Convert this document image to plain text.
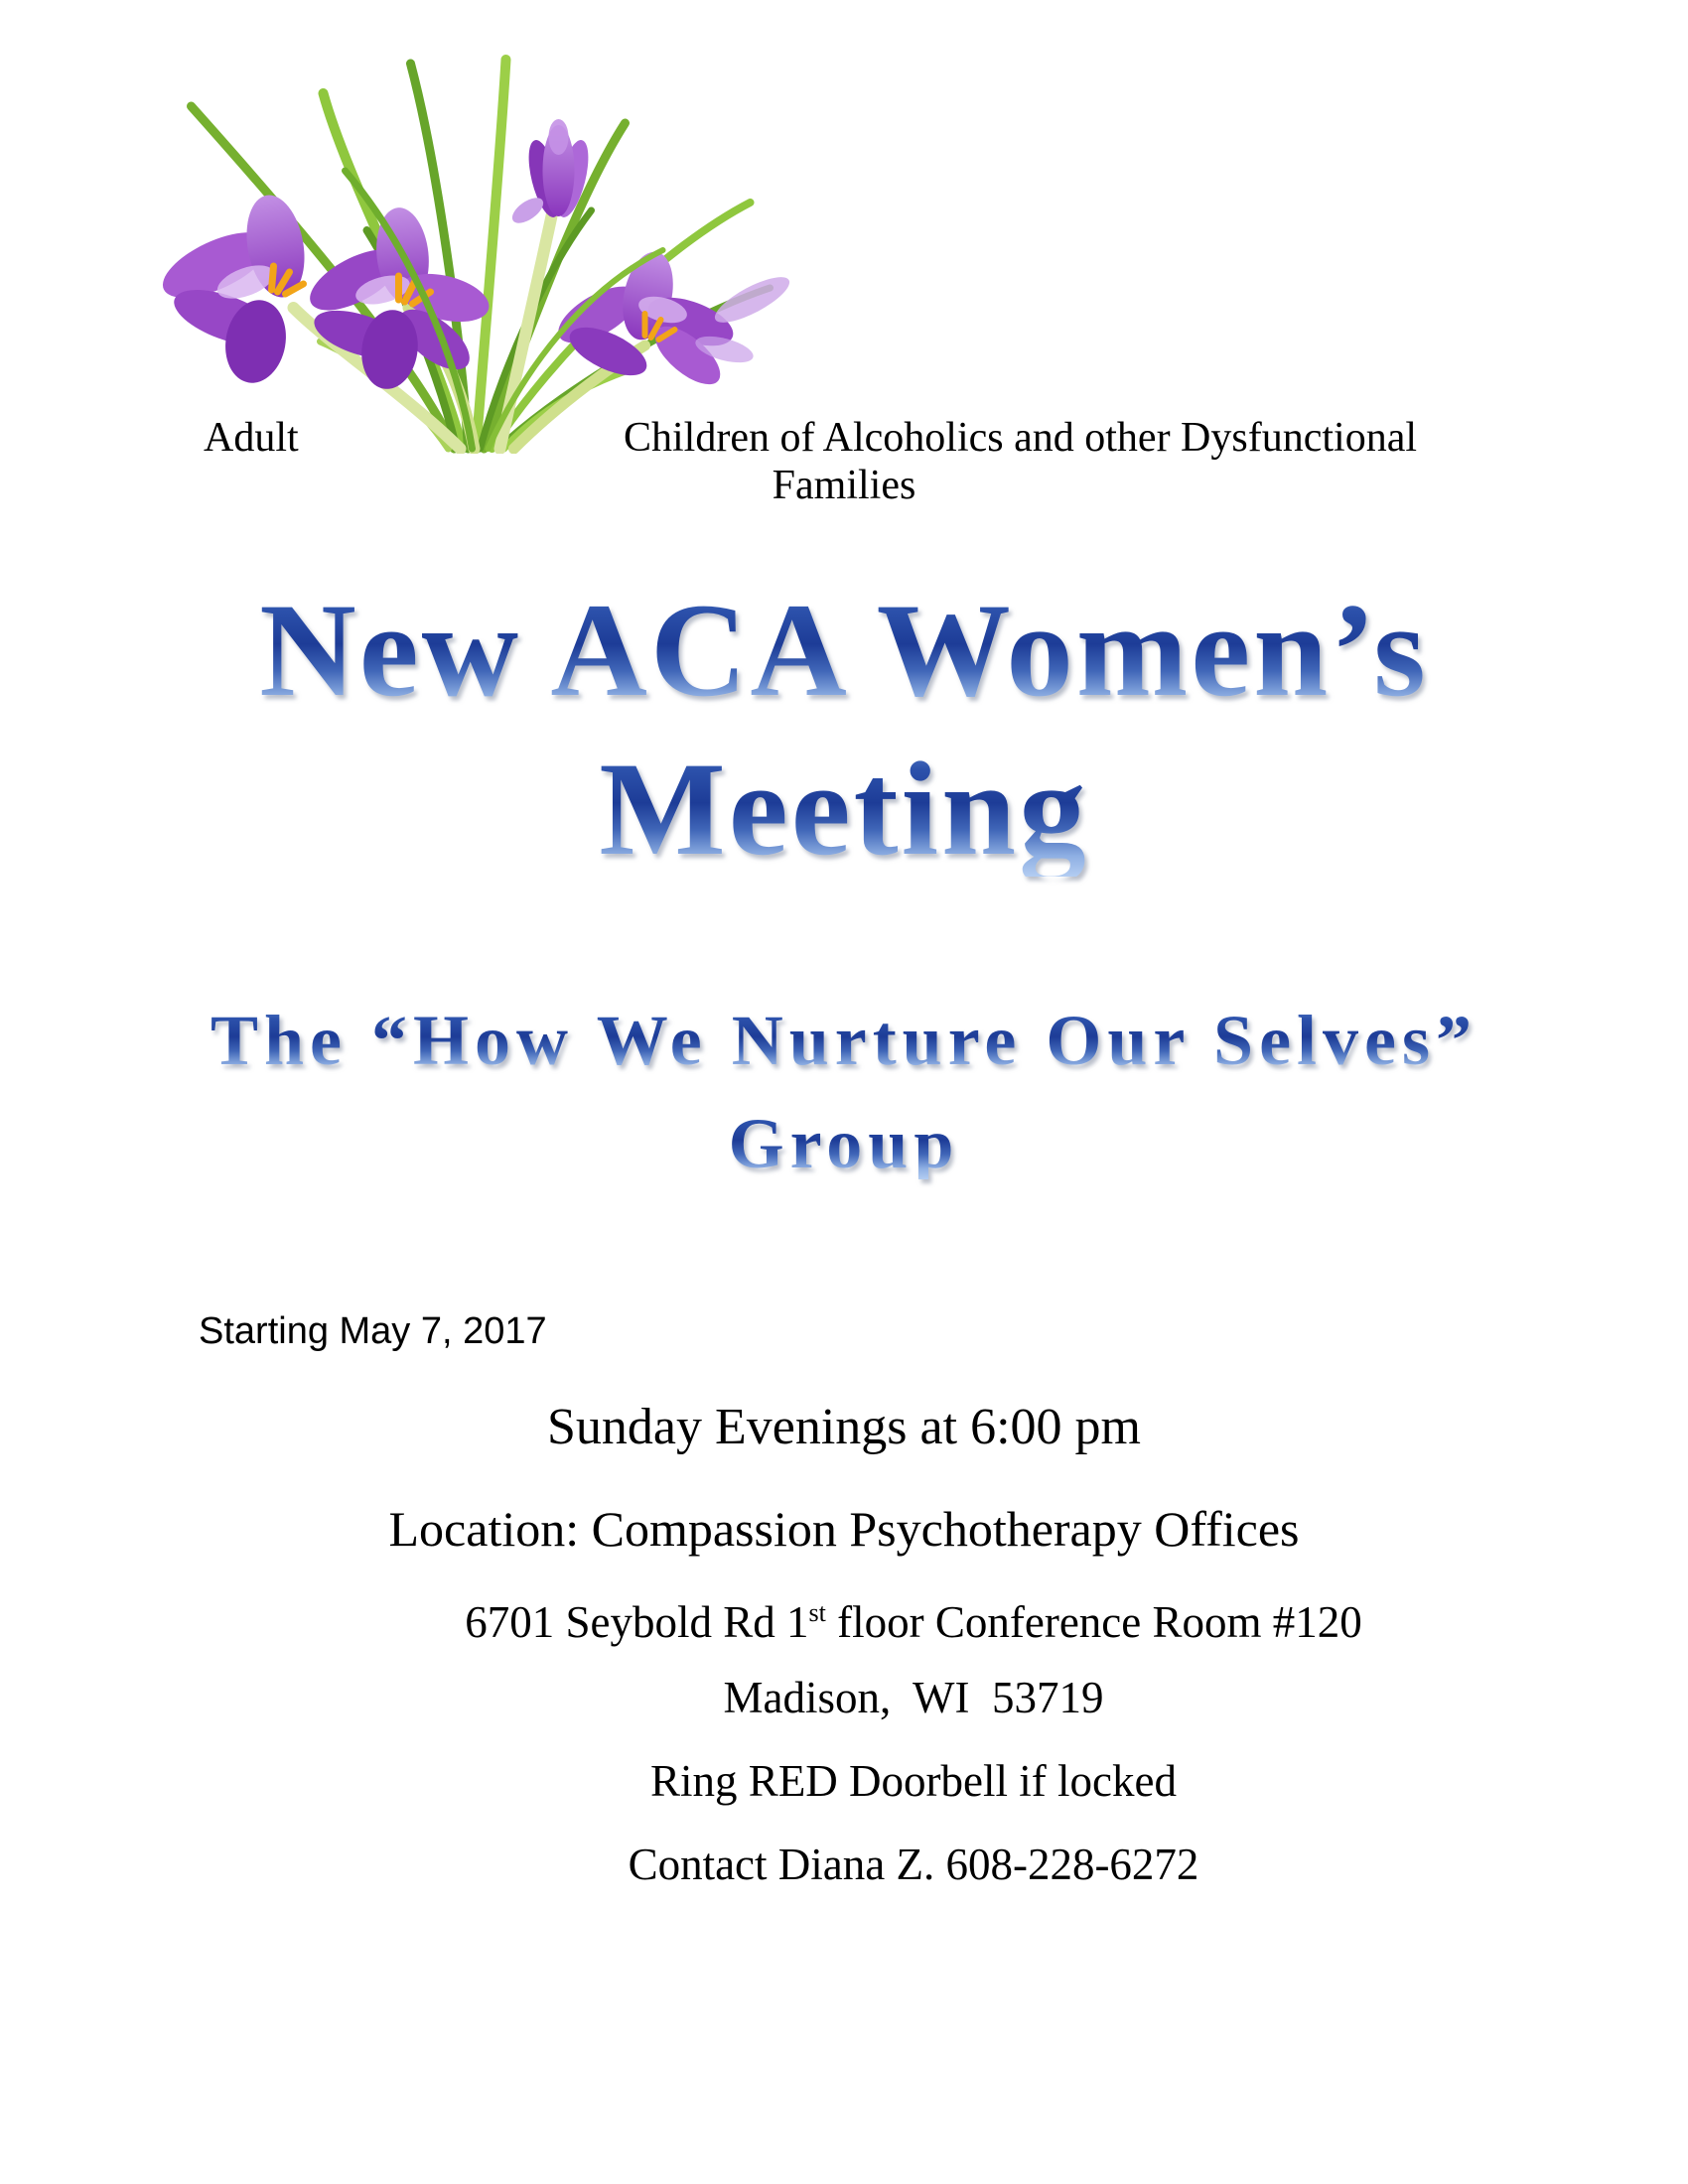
Adult	Children of Alcoholics and other Dysfunctional
Families
New ACA Women’s
Meeting
The “How We Nurture Our Selves”
Group
Starting May 7, 2017
Sunday Evenings at 6:00 pm
Location: Compassion Psychotherapy Offices
6701 Seybold Rd 1st floor Conference Room #120
Madison,  WI  53719
Ring RED Doorbell if locked
Contact Diana Z. 608-228-6272
